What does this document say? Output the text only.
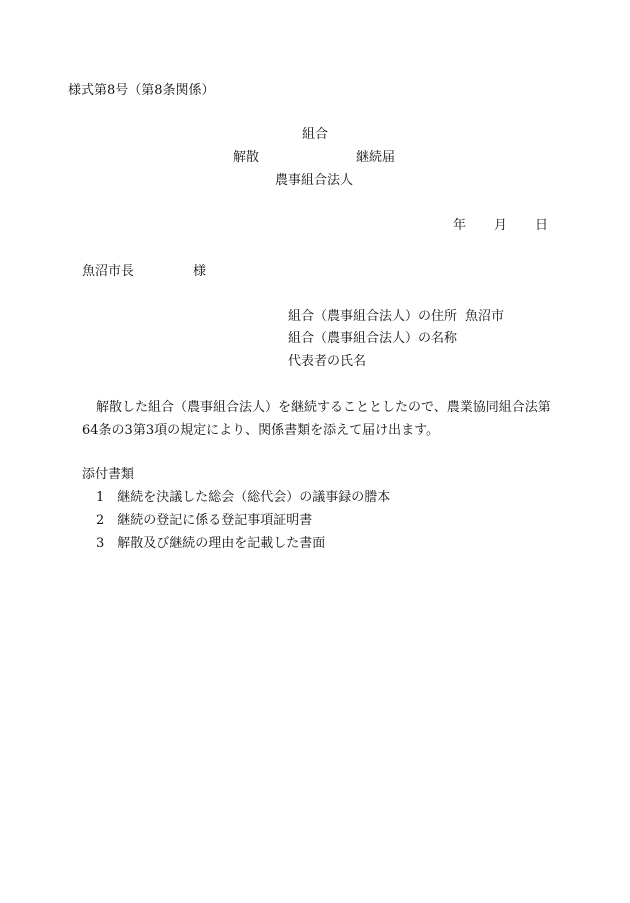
様式第8号（第8条関係）
組合
解散	継続届
農事組合法人
年 月 日
魚沼市長	様
組合（農事組合法人）の住所 魚沼市
組合（農事組合法人）の名称
代表者の氏名
解散した組合（農事組合法人）を継続することとしたので、農業協同組合法第
64条の3第3項の規定により、関係書類を添えて届け出ます。
添付書類
1 継続を決議した総会（総代会）の議事録の謄本
2 継続の登記に係る登記事項証明書
3 解散及び継続の理由を記載した書面
